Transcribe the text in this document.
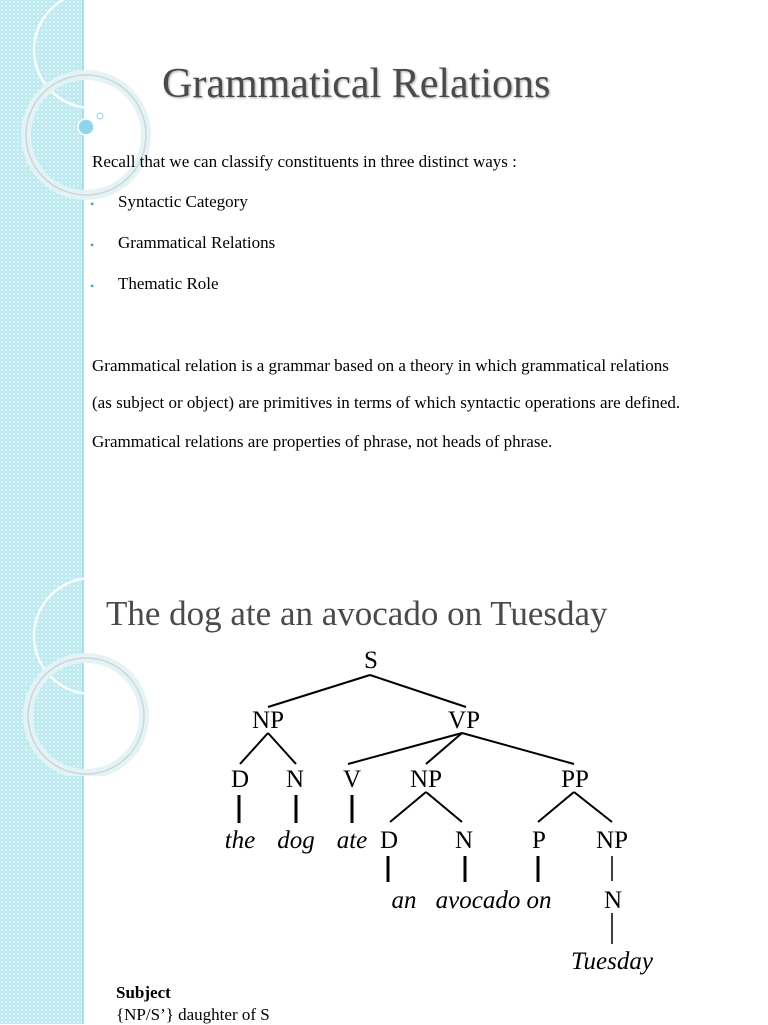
Grammatical Relations
Recall that we can classify constituents in three distinct ways :
• Syntactic Category
• Grammatical Relations
• Thematic Role
Grammatical relation is a grammar based on a theory in which grammatical relations
(as subject or object) are primitives in terms of which syntactic operations are defined.
Grammatical relations are properties of phrase, not heads of phrase.
The dog ate an avocado on Tuesday
S
NP	VP
D N V NP	PP
D N P NP
N
the dog ate
an avocado on
Tuesday
Subject
{NP/S’} daughter of S
